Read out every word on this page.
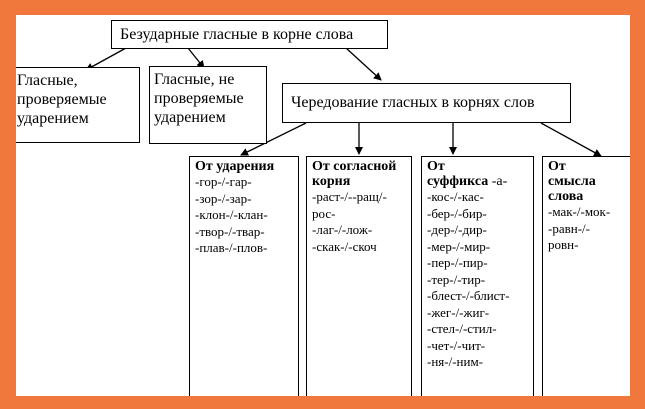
Безударные гласные в корне слова
Гласные,
проверяемые
ударением
Гласные, не
проверяемые
ударением
Чередование гласных в корнях слов
От ударения
-гор-/-гар-
-зор-/-зар-
-клон-/-клан-
-твор-/-твар-
-плав-/-плов-
От согласной
корня
-раст-/--ращ/-
рос-
-лаг-/-лож-
-скак-/-скоч
От
суффикса -а-
-кос-/-кас-
-бер-/-бир-
-дер-/-дир-
-мер-/-мир-
-пер-/-пир-
-тер-/-тир-
-блест-/-блист-
-жег-/-жиг-
-стел-/-стил-
-чет-/-чит-
-ня-/-ним-
От
смысла
слова
-мак-/-мок-
-равн-/-
ровн-
